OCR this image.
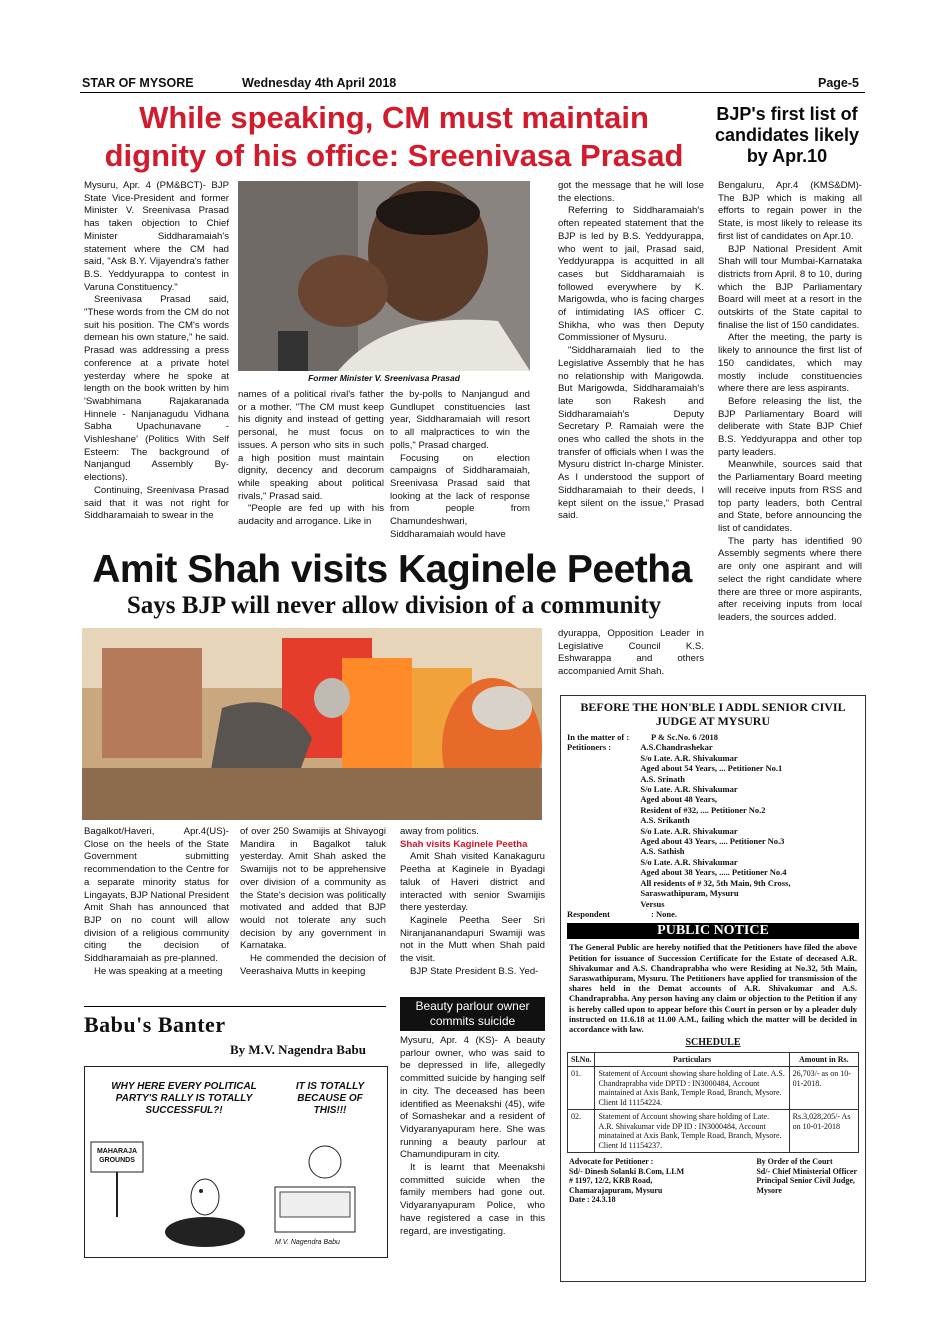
STAR OF MYSORE	Wednesday 4th April 2018	Page-5
While speaking, CM must maintain dignity of his office: Sreenivasa Prasad

Mysuru, Apr. 4 (PM&BCT)- BJP State Vice-President and former Minister V. Sreenivasa Prasad has taken objection to Chief Minister Siddharamaiah's statement where the CM had said, "Ask B.Y. Vijayendra's father B.S. Yeddyurappa to contest in Varuna Constituency."

Sreenivasa Prasad said, "These words from the CM do not suit his position. The CM's words demean his own stature," he said. Prasad was addressing a press conference at a private hotel yesterday where he spoke at length on the book written by him 'Swabhimana Rajakaranada Hinnele - Nanjanagudu Vidhana Sabha Upachunavane - Vishleshane' (Politics With Self Esteem: The background of Nanjangud Assembly By-elections).

Continuing, Sreenivasa Prasad said that it was not right for Siddharamaiah to swear in the

Former Minister V. Sreenivasa Prasad

names of a political rival's father or a mother. "The CM must keep his dignity and instead of getting personal, he must focus on issues. A person who sits in such a high position must maintain dignity, decency and decorum while speaking about political rivals," Prasad said.

"People are fed up with his audacity and arrogance. Like in

the by-polls to Nanjangud and Gundlupet constituencies last year, Siddharamaiah will resort to all malpractices to win the polls," Prasad charged.

Focusing on election campaigns of Siddharamaiah, Sreenivasa Prasad said that looking at the lack of response from people from Chamundeshwari, Siddharamaiah would have

got the message that he will lose the elections.

Referring to Siddharamaiah's often repeated statement that the BJP is led by B.S. Yeddyurappa, who went to jail, Prasad said, Yeddyurappa is acquitted in all cases but Siddharamaiah is followed everywhere by K. Marigowda, who is facing charges of intimidating IAS officer C. Shikha, who was then Deputy Commissioner of Mysuru.

"Siddharamaiah lied to the Legislative Assembly that he has no relationship with Marigowda. But Marigowda, Siddharamaiah's late son Rakesh and Siddharamaiah's Deputy Secretary P. Ramaiah were the ones who called the shots in the transfer of officials when I was the Mysuru district In-charge Minister. As I understood the support of Siddharamaiah to their deeds, I kept silent on the issue," Prasad said.

BJP's first list of candidates likely by Apr.10

Bengaluru, Apr.4 (KMS&DM)- The BJP which is making all efforts to regain power in the State, is most likely to release its first list of candidates on Apr.10.

BJP National President Amit Shah will tour Mumbai-Karnataka districts from April. 8 to 10, during which the BJP Parliamentary Board will meet at a resort in the outskirts of the State capital to finalise the list of 150 candidates.

After the meeting, the party is likely to announce the first list of 150 candidates, which may mostly include constituencies where there are less aspirants.

Before releasing the list, the BJP Parliamentary Board will deliberate with State BJP Chief B.S. Yeddyurappa and other top party leaders.

Meanwhile, sources said that the Parliamentary Board meeting will receive inputs from RSS and top party leaders, both Central and State, before announcing the list of candidates.

The party has identified 90 Assembly segments where there are only one aspirant and will select the right candidate where there are three or more aspirants, after receiving inputs from local leaders, the sources added.

Amit Shah visits Kaginele Peetha
Says BJP will never allow division of a community

dyurappa, Opposition Leader in Legislative Council K.S. Eshwarappa and others accompanied Amit Shah.

Bagalkot/Haveri, Apr.4(US)- Close on the heels of the State Government submitting recommendation to the Centre for a separate minority status for Lingayats, BJP National President Amit Shah has announced that BJP on no count will allow division of a religious community citing the decision of Siddharamaiah as pre-planned.

He was speaking at a meeting

of over 250 Swamijis at Shivayogi Mandira in Bagalkot taluk yesterday. Amit Shah asked the Swamijis not to be apprehensive over division of a community as the State's decision was politically motivated and added that BJP would not tolerate any such decision by any government in Karnataka.

He commended the decision of Veerashaiva Mutts in keeping

away from politics.

Shah visits Kaginele Peetha

Amit Shah visited Kanakaguru Peetha at Kaginele in Byadagi taluk of Haveri district and interacted with senior Swamijis there yesterday.

Kaginele Peetha Seer Sri Niranjananandapuri Swamiji was not in the Mutt when Shah paid the visit.

BJP State President B.S. Yed-

Beauty parlour owner commits suicide

Mysuru, Apr. 4 (KS)- A beauty parlour owner, who was said to be depressed in life, allegedly committed suicide by hanging self in city. The deceased has been identified as Meenakshi (45), wife of Somashekar and a resident of Vidyaranyapuram here. She was running a beauty parlour at Chamundipuram in city.

It is learnt that Meenakshi committed suicide when the family members had gone out. Vidyaranyapuram Police, who have registered a case in this regard, are investigating.

Babu's Banter
By M.V. Nagendra Babu
WHY HERE EVERY POLITICAL PARTY'S RALLY IS TOTALLY SUCCESSFUL?!
IT IS TOTALLY BECAUSE OF THIS!!!
MAHARAJA GROUNDS
M.V. Nagendra Babu
BEFORE THE HON'BLE I ADDL SENIOR CIVIL JUDGE AT MYSURU
In the matter of :	P & Sc.No. 6 /2018
Petitioners :	A.S.Chandrashekar
S/o Late. A.R. Shivakumar
Aged about 54 Years, ... Petitioner No.1
A.S. Srinath
S/o Late. A.R. Shivakumar
Aged about 48 Years,
Resident of #32, .... Petitioner No.2
A.S. Srikanth
S/o Late. A.R. Shivakumar
Aged about 43 Years, .... Petitioner No.3
A.S. Sathish
S/o Late. A.R. Shivakumar
Aged about 38 Years, ..... Petitioner No.4
All residents of # 32, 5th Main, 9th Cross, Saraswathipuram, Mysuru
Versus
Respondent	: None.
PUBLIC NOTICE
The General Public are hereby notified that the Petitioners have filed the above Petition for issuance of Succession Certificate for the Estate of deceased A.R. Shivakumar and A.S. Chandraprabha who were Residing at No.32, 5th Main, Saraswathipuram, Mysuru. The Petitioners have applied for transmission of the shares held in the Demat accounts of A.R. Shivakumar and A.S. Chandraprabha. Any person having any claim or objection to the Petition if any is hereby called upon to appear before this Court in person or by a pleader duly instructed on 11.6.18 at 11.00 A.M., failing which the matter will be decided in accordance with law.
SCHEDULE
Sl.No.	Particulars	Amount in Rs.
01.	Statement of Account showing share holding of Late. A.S. Chandraprabha vide DPTD : IN3000484, Account maintained at Axis Bank, Temple Road, Branch, Mysore. Client Id 11154224.	26,703/- as on 10-01-2018.
02.	Statement of Account showing share holding of Late. A.R. Shivakumar vide DP ID : IN3000484, Account minatained at Axis Bank, Temple Road, Branch, Mysore. Client Id 11154237.	Rs.3,028,205/- As on 10-01-2018
Advocate for Petitioner :
Sd/- Dinesh Solanki B.Com, LLM
# 1197, 12/2, KRB Road,
Chamarajapuram, Mysuru
Date : 24.3.18
By Order of the Court
Sd/- Chief Ministerial Officer
Principal Senior Civil Judge,
Mysore
